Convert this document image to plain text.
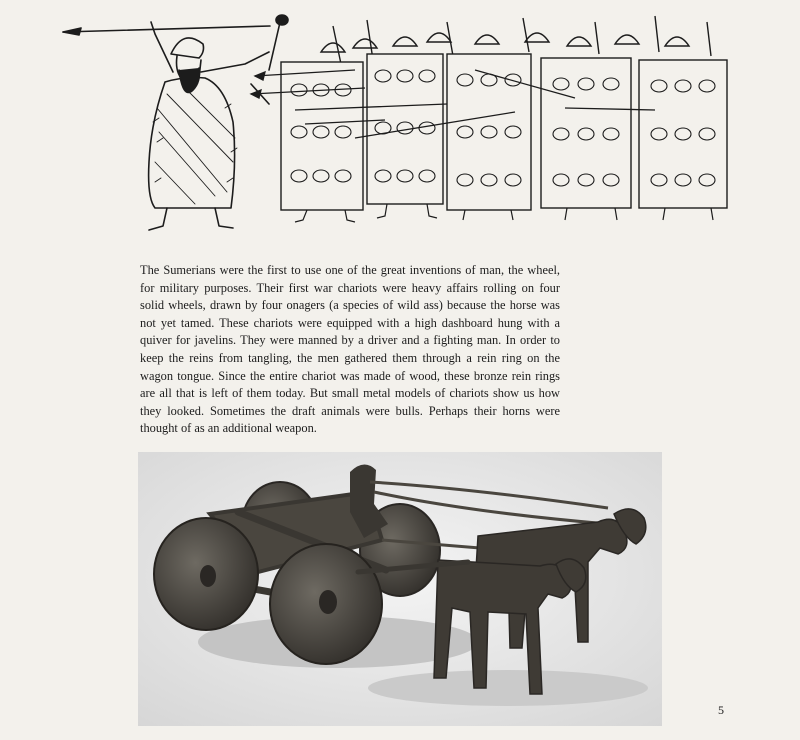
The Sumerians were the first to use one of the great inventions of man, the wheel, for military purposes. Their first war chariots were heavy affairs rolling on four solid wheels, drawn by four onagers (a species of wild ass) because the horse was not yet tamed. These chariots were equipped with a high dashboard hung with a quiver for javelins. They were manned by a driver and a fighting man. In order to keep the reins from tangling, the men gathered them through a rein ring on the wagon tongue. Since the entire chariot was made of wood, these bronze rein rings are all that is left of them today. But small metal models of chariots show us how they looked. Sometimes the draft animals were bulls. Perhaps their horns were thought of as an additional weapon.

5
